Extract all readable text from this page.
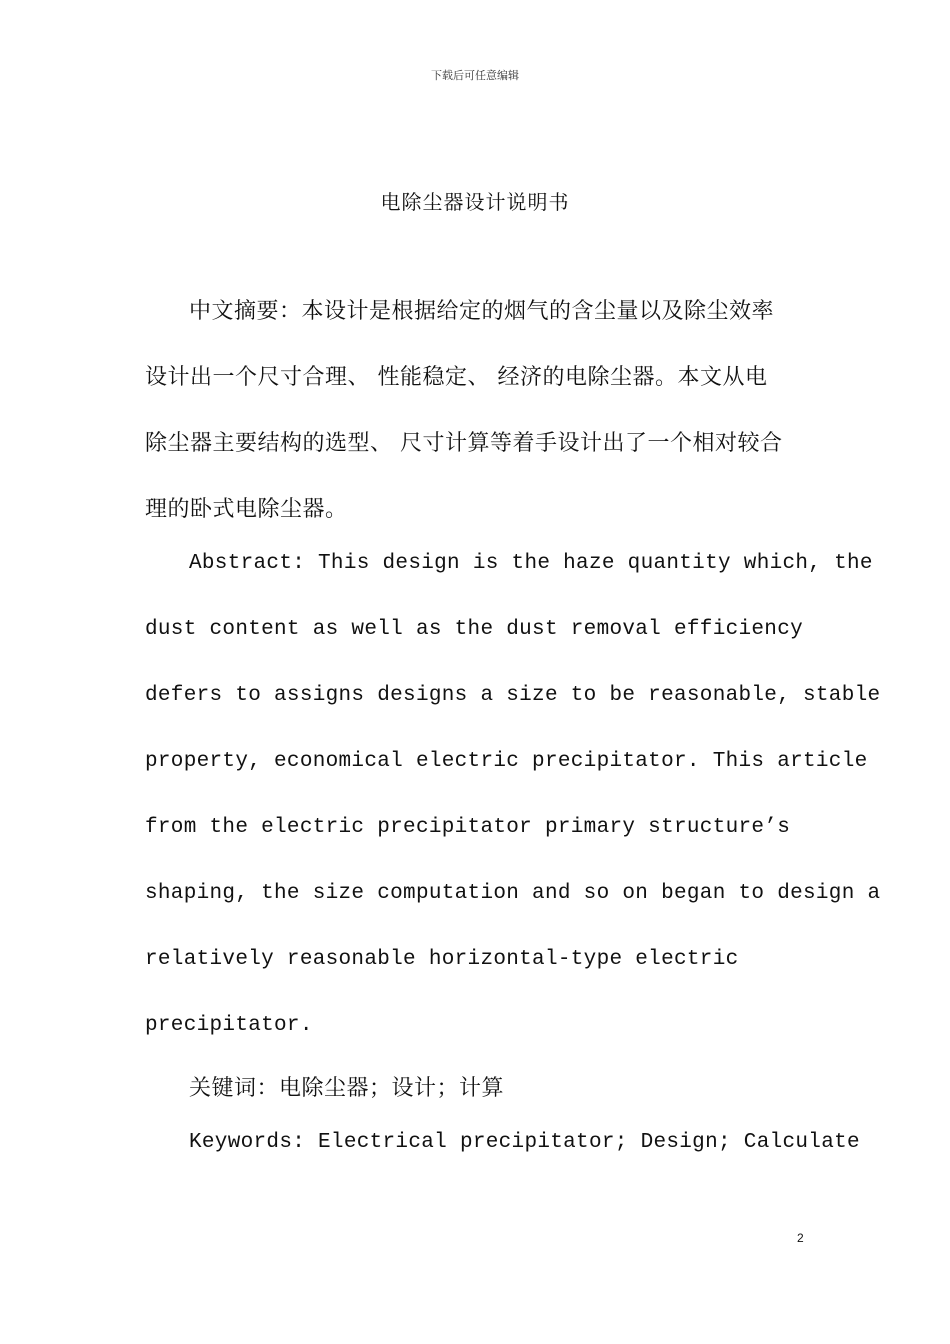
下载后可任意编辑
电除尘器设计说明书
中文摘要：本设计是根据给定的烟气的含尘量以及除尘效率
设计出一个尺寸合理、 性能稳定、 经济的电除尘器。本文从电
除尘器主要结构的选型、 尺寸计算等着手设计出了一个相对较合
理的卧式电除尘器。
Abstract: This design is the haze quantity which, the
dust content as well as the dust removal efficiency
defers to assigns designs a size to be reasonable, stable
property, economical electric precipitator. This article
from the electric precipitator primary structure’s
shaping, the size computation and so on began to design a
relatively reasonable horizontal-type electric
precipitator.
关键词：电除尘器；设计；计算
Keywords: Electrical precipitator; Design; Calculate
2
